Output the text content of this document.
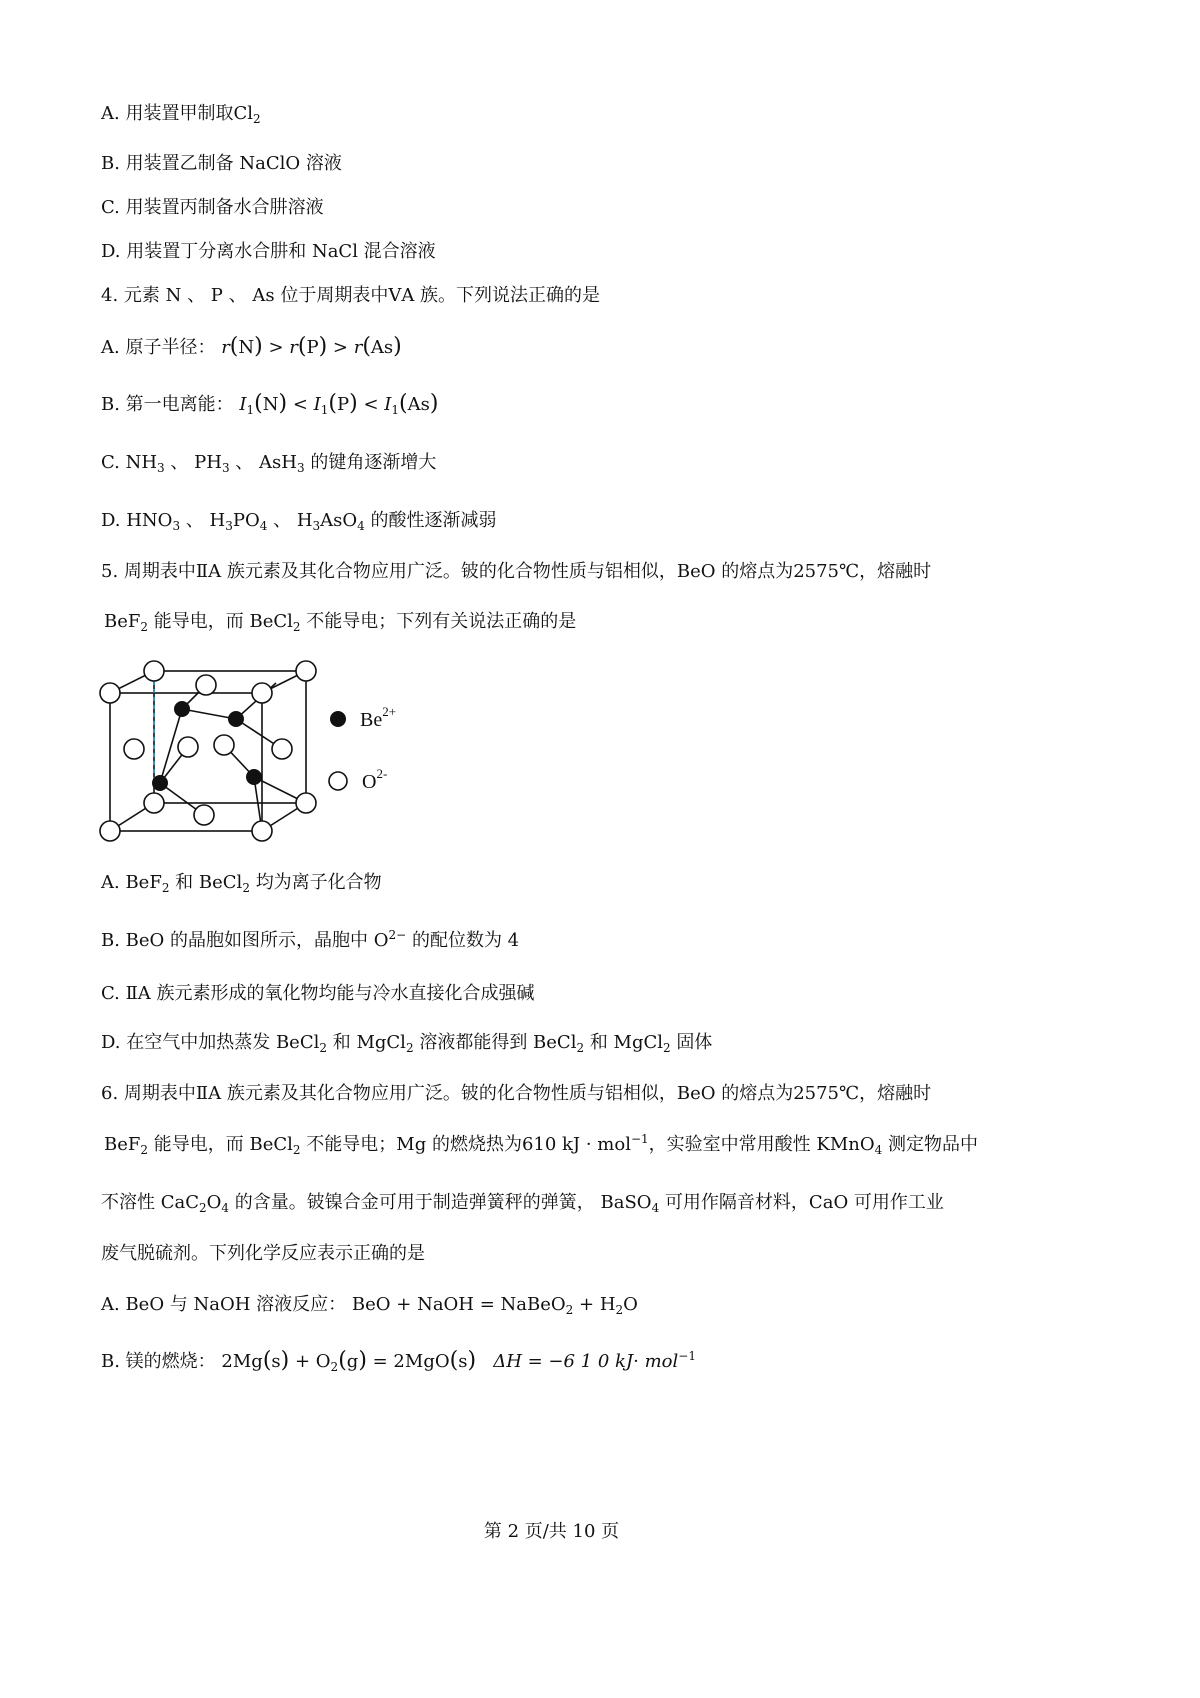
A. 用装置甲制取$Cl_2$
B. 用装置乙制备 NaClO 溶液
C. 用装置丙制备水合肼溶液
D. 用装置丁分离水合肼和 NaCl 混合溶液
4. 元素 N 、 P 、 As 位于周期表中ⅤA 族。下列说法正确的是
A. 原子半径： r(N) > r(P) > r(As)
B. 第一电离能： $I_1(N) < I_1(P) < I_1(As)$
C. $NH_3$ 、 $PH_3$ 、 AsH$_3$ 的键角逐渐增大
D. $HNO_3$ 、 $H_3PO_4$ 、 $H_3AsO_4$ 的酸性逐渐减弱
5. 周期表中ⅡA 族元素及其化合物应用广泛。铍的化合物性质与铝相似，BeO 的熔点为2575℃，熔融时
BeF$_2$ 能导电，而 BeCl$_2$ 不能导电；下列有关说法正确的是
$Be^{2+}$
$O^{2-}$
A. BeF$_2$ 和 BeCl$_2$ 均为离子化合物
B. BeO 的晶胞如图所示，晶胞中 $O^{2-}$ 的配位数为 4
C. ⅡA 族元素形成的氧化物均能与冷水直接化合成强碱
D. 在空气中加热蒸发 BeCl$_2$ 和 MgCl$_2$ 溶液都能得到 BeCl$_2$ 和 MgCl$_2$ 固体
6. 周期表中ⅡA 族元素及其化合物应用广泛。铍的化合物性质与铝相似，BeO 的熔点为2575℃，熔融时
BeF$_2$ 能导电，而 BeCl$_2$ 不能导电；Mg 的燃烧热为610 kJ · mol$^{-1}$，实验室中常用酸性 KMnO$_4$ 测定物品中
不溶性 $CaC_2O_4$ 的含量。铍镍合金可用于制造弹簧秤的弹簧， BaSO$_4$ 可用作隔音材料，CaO 可用作工业
废气脱硫剂。下列化学反应表示正确的是
A. BeO 与 NaOH 溶液反应： BeO + NaOH = NaBeO$_2$ + $H_2O$
B. 镁的燃烧： $2Mg(s) + O_2(g) = 2MgO(s) \Delta H = -6$ 1 0 kJ· mol$^{-1}$
第 2 页/共 10 页
